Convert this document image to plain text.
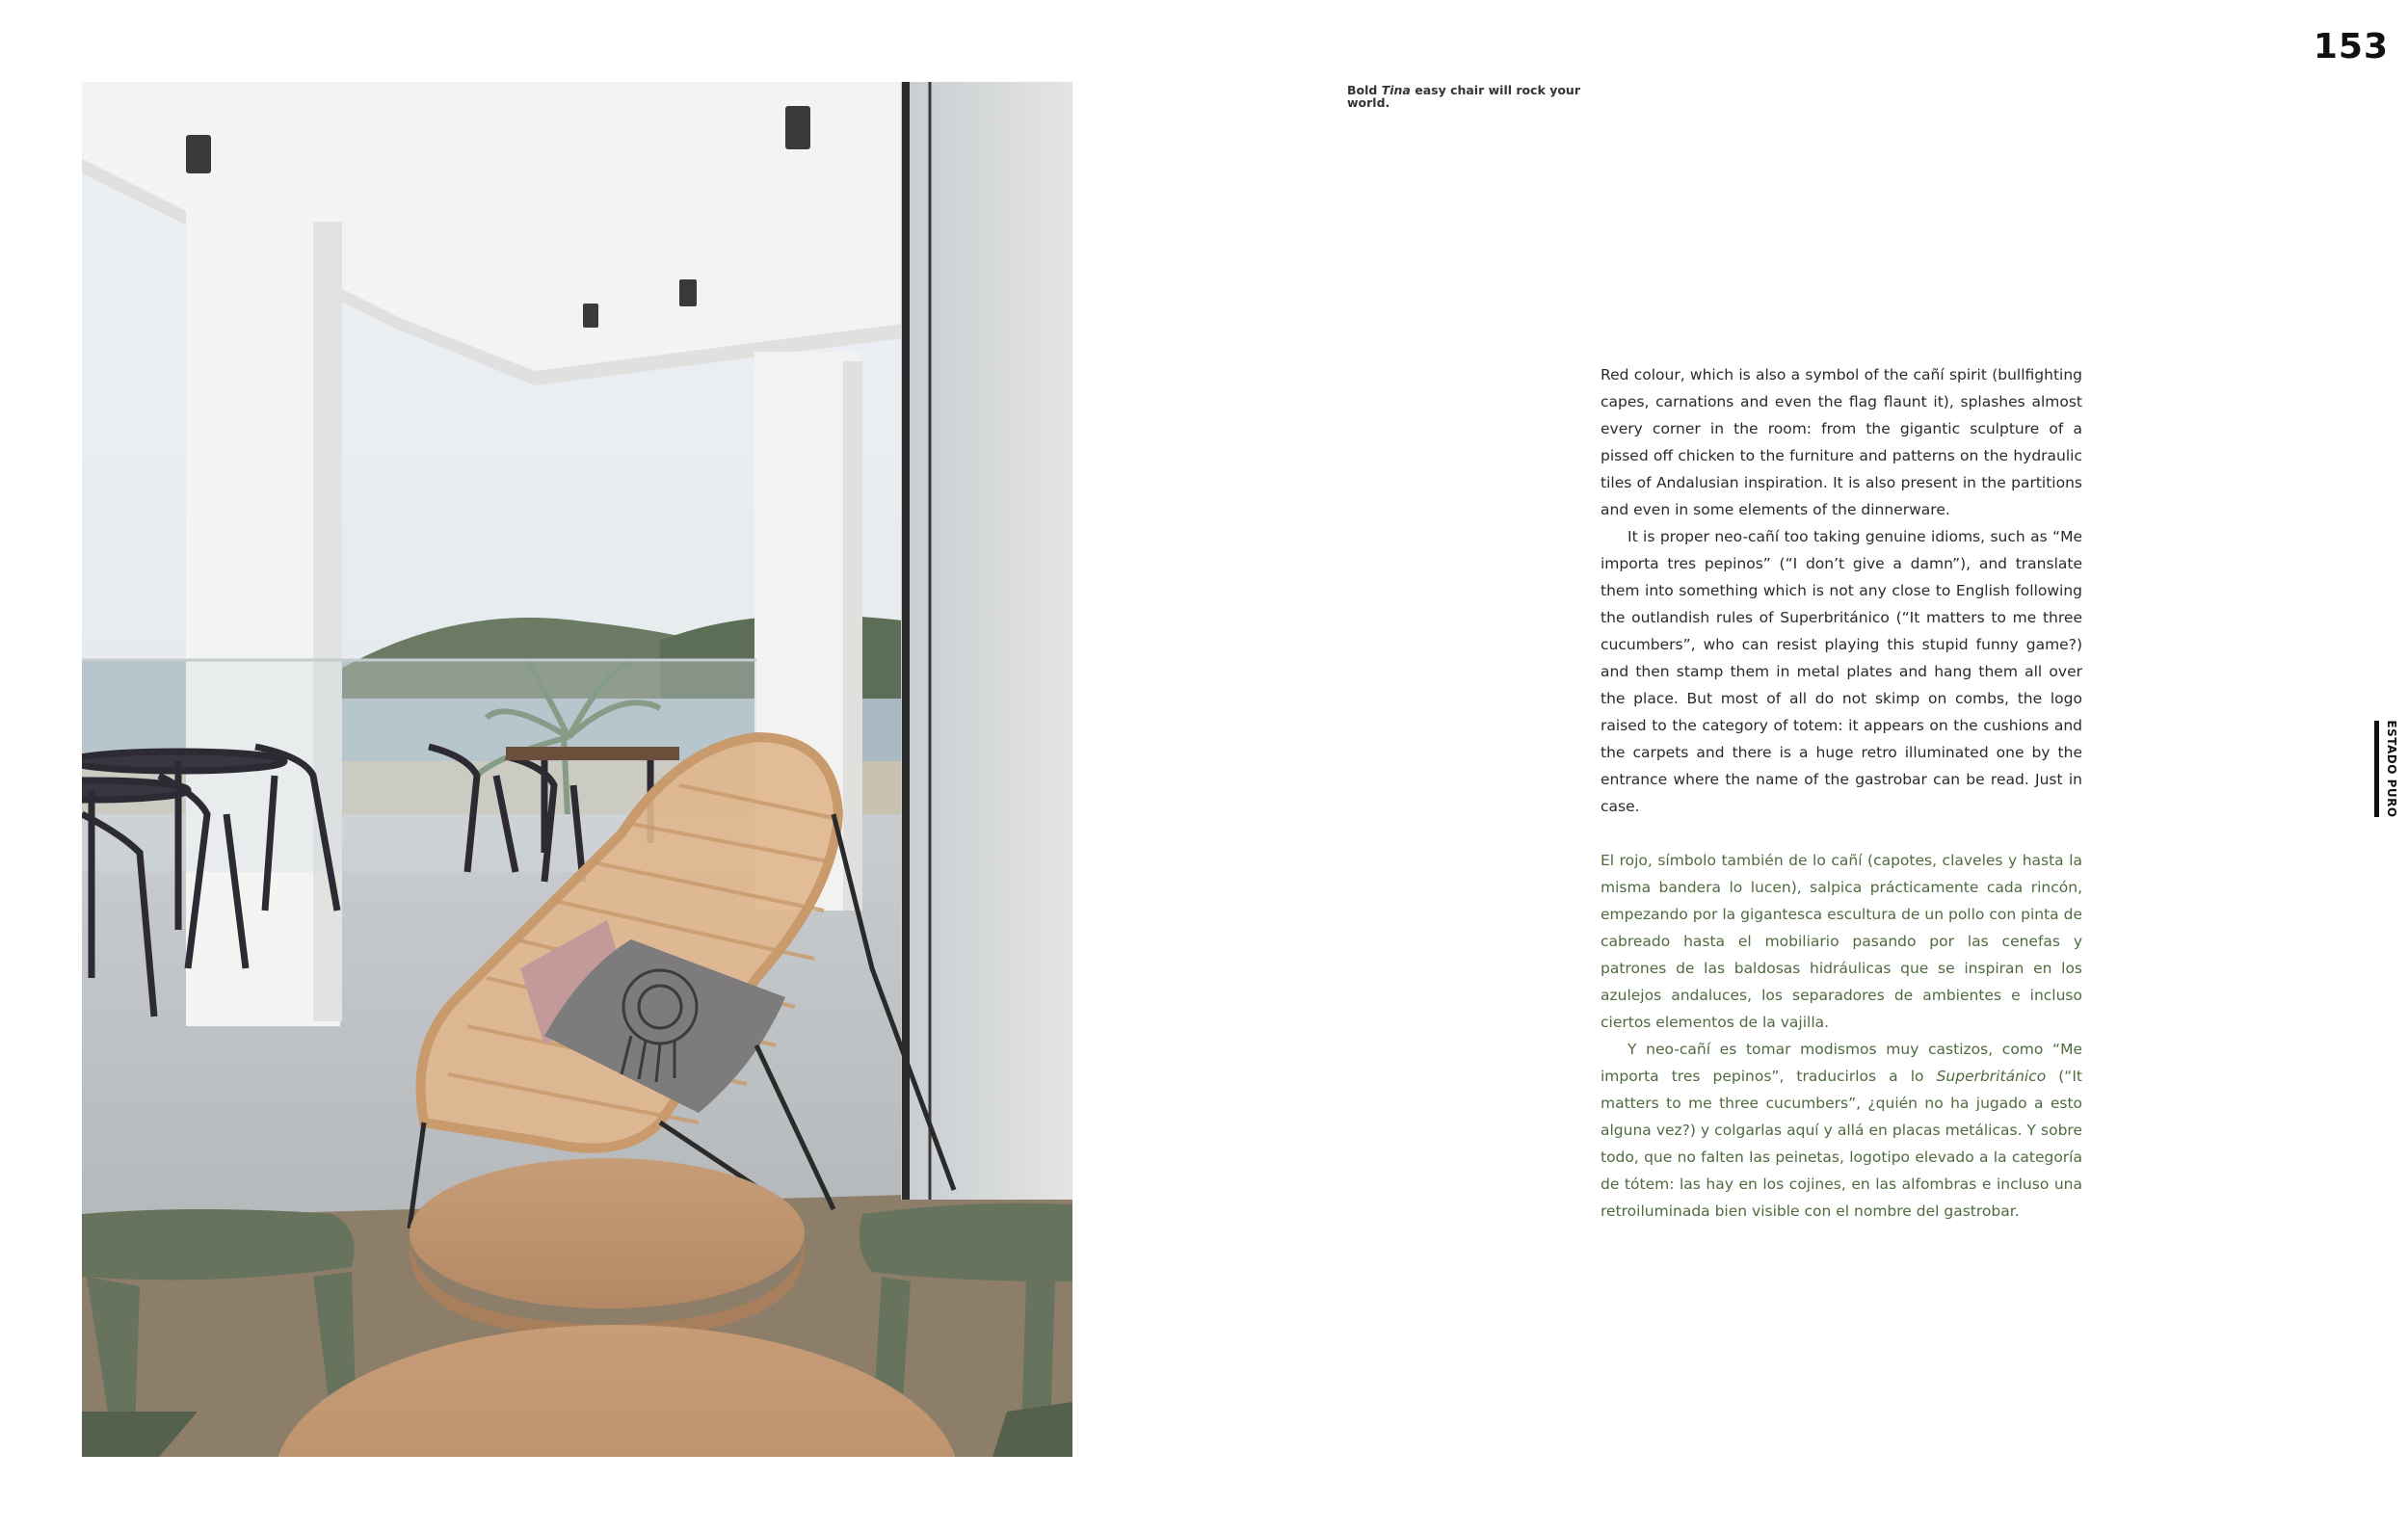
153
Bold Tina easy chair will rock your world.
ESTADO PURO

Red colour, which is also a symbol of the cañí spirit (bullfighting capes, carnations and even the flag flaunt it), splashes almost every corner in the room: from the gigantic sculpture of a pissed off chicken to the furniture and patterns on the hydraulic tiles of Andalusian inspiration. It is also present in the partitions and even in some elements of the dinnerware.

It is proper neo-cañí too taking genuine idioms, such as “Me importa tres pepinos” (“I don’t give a damn”), and translate them into something which is not any close to English following the outlandish rules of Superbritánico (“It matters to me three cucumbers”, who can resist playing this stupid funny game?) and then stamp them in metal plates and hang them all over the place. But most of all do not skimp on combs, the logo raised to the category of totem: it appears on the cushions and the carpets and there is a huge retro illuminated one by the entrance where the name of the gastrobar can be read. Just in case.

El rojo, símbolo también de lo cañí (capotes, claveles y hasta la misma bandera lo lucen), salpica prácticamente cada rincón, empezando por la gigantesca escultura de un pollo con pinta de cabreado hasta el mobiliario pasando por las cenefas y patrones de las baldosas hidráulicas que se inspiran en los azulejos andaluces, los separadores de ambientes e incluso ciertos elementos de la vajilla.

Y neo-cañí es tomar modismos muy castizos, como “Me importa tres pepinos”, traducirlos a lo Superbritánico (“It matters to me three cucumbers”, ¿quién no ha jugado a esto alguna vez?) y colgarlas aquí y allá en placas metálicas. Y sobre todo, que no falten las peinetas, logotipo elevado a la categoría de tótem: las hay en los cojines, en las alfombras e incluso una retroiluminada bien visible con el nombre del gastrobar.
